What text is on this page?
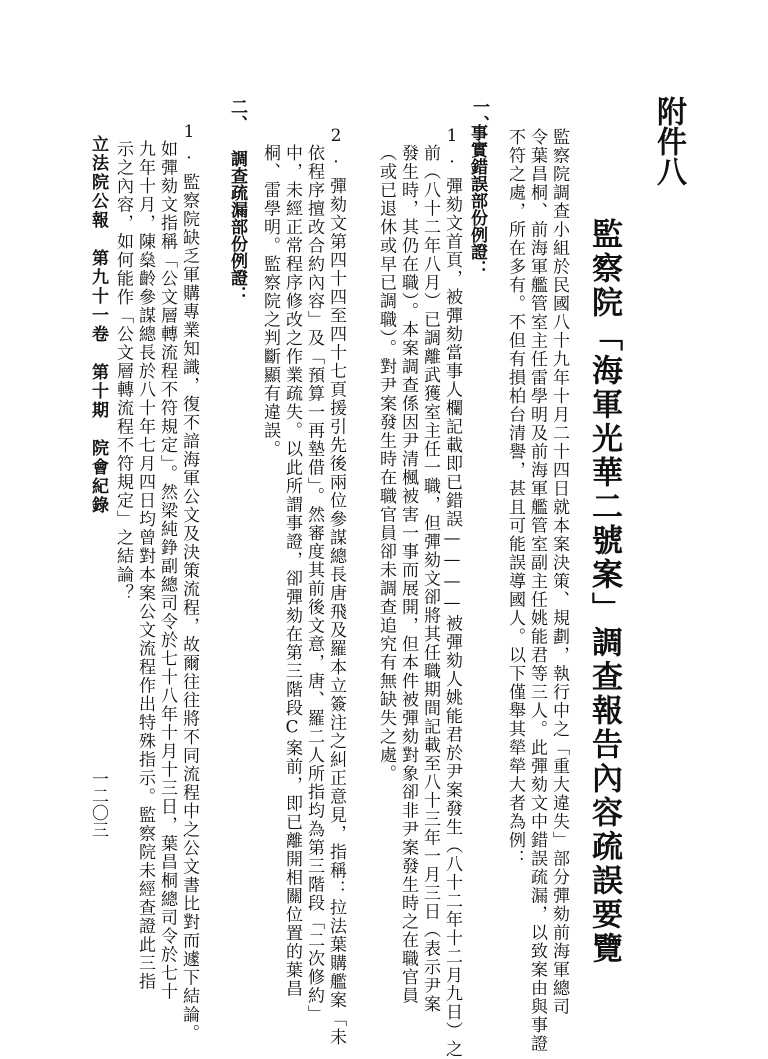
附件八
監察院「海軍光華二號案」調查報告內容疏誤要覽
監察院調查小組於民國八十九年十月二十四日就本案決策、規劃，執行中之「重大違失」部分彈劾前海軍總司
令葉昌桐、前海軍艦管室主任雷學明及前海軍艦管室副主任姚能君等三人。此彈劾文中錯誤疏漏，以致案由與事證
不符之處，所在多有。不但有損柏台清譽，甚且可能誤導國人。以下僅舉其犖犖大者為例：
一、
事實錯誤部份例證：
1.彈劾文首頁，被彈劾當事人欄記載即已錯誤————被彈劾人姚能君於尹案發生（八十二年十二月九日）之
前（八十二年八月）已調離武獲室主任一職，但彈劾文卻將其任職期間記載至八十三年一月三日（表示尹案
發生時，其仍在職）。本案調查係因尹清楓被害一事而展開，但本件被彈劾對象卻非尹案發生時之在職官員
（或已退休或早已調職）。對尹案發生時在職官員卻未調查追究有無缺失之處。
2.彈劾文第四十四至四十七頁援引先後兩位參謀總長唐飛及羅本立簽注之糾正意見，指稱：拉法葉購艦案「未
依程序擅改合約內容」及「預算一再墊借」。然審度其前後文意，唐、羅二人所指均為第三階段「二次修約」
中，未經正常程序修改之作業疏失。以此所謂事證，卻彈劾在第三階段C案前，即已離開相關位置的葉昌
桐、雷學明。監察院之判斷顯有違誤。
二、
調查疏漏部份例證：
1.監察院缺乏軍購專業知識，復不諳海軍公文及決策流程，故爾往往將不同流程中之公文書比對而遽下結論。
如彈劾文指稱「公文層轉流程不符規定」。然梁純錚副總司令於七十八年十月十三日，葉昌桐總司令於七十
九年十月，陳燊齡參謀總長於八十年七月四日均曾對本案公文流程作出特殊指示。監察院未經查證此三指
示之內容，如何能作「公文層轉流程不符規定」之結論？
立法院公報　第九十一卷　第十期　院會紀錄
一二〇三
